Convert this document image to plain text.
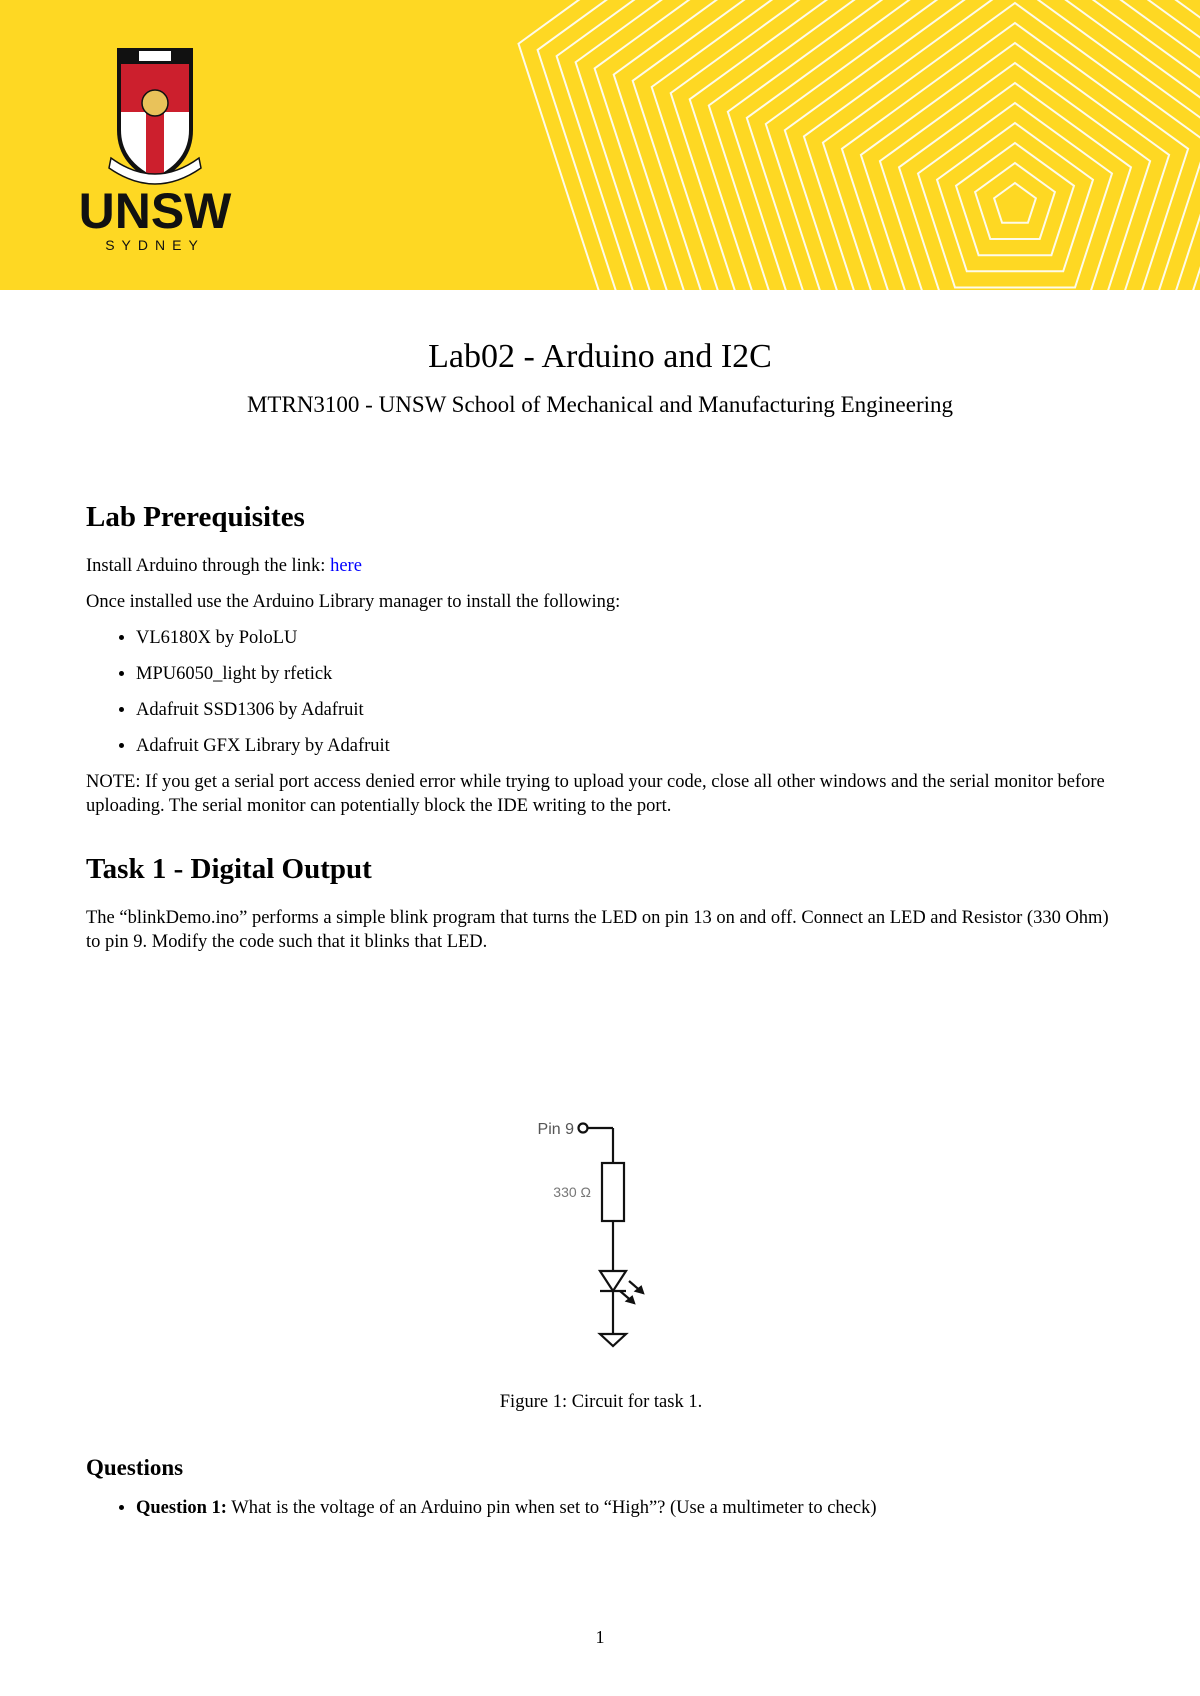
UNSW
SYDNEY
Lab02 - Arduino and I2C
MTRN3100 - UNSW School of Mechanical and Manufacturing Engineering
Lab Prerequisites

Install Arduino through the link: here

Once installed use the Arduino Library manager to install the following:

• VL6180X by PoloLU
• MPU6050_light by rfetick
• Adafruit SSD1306 by Adafruit
• Adafruit GFX Library by Adafruit

NOTE: If you get a serial port access denied error while trying to upload your code, close all other windows and the serial monitor before uploading. The serial monitor can potentially block the IDE writing to the port.

Task 1 - Digital Output

The “blinkDemo.ino” performs a simple blink program that turns the LED on pin 13 on and off. Connect an LED and Resistor (330 Ohm) to pin 9. Modify the code such that it blinks that LED.

Pin 9
330 Ω
Figure 1: Circuit for task 1.
Questions
• Question 1: What is the voltage of an Arduino pin when set to “High”? (Use a multimeter to check)
1
